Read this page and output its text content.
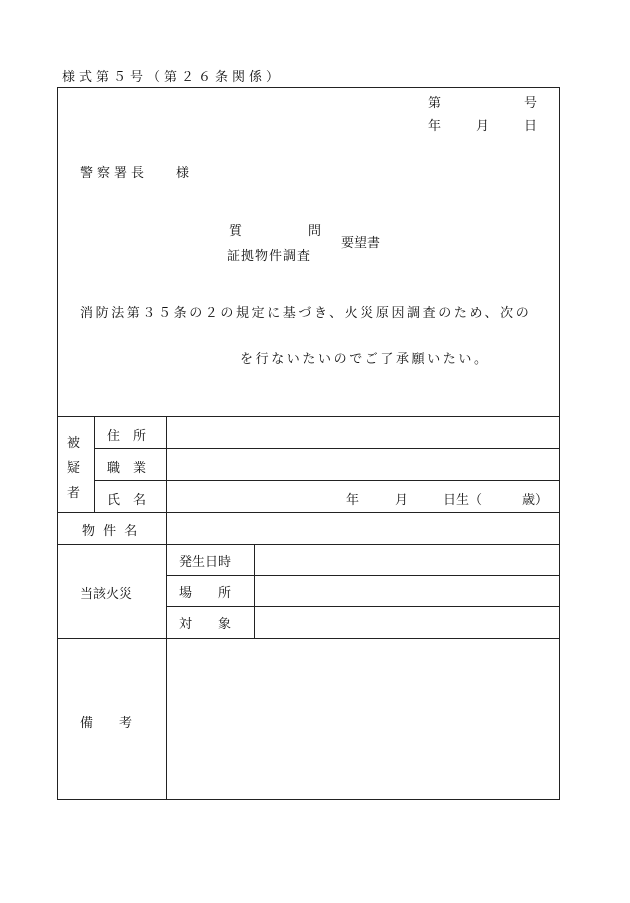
様式第５号（第２６条関係）
第	号
年	月	日
警察署長 様
質	問
証拠物件調査
要望書
消防法第３５条の２の規定に基づき、火災原因調査のため、次の
を行ないたいのでご了承願いたい。
被
疑
者
住　所
職　業
氏　名	年	月	日生（	歳）
物 件 名
当該火災
発生日時
場　　所
対　　象
備　　考
